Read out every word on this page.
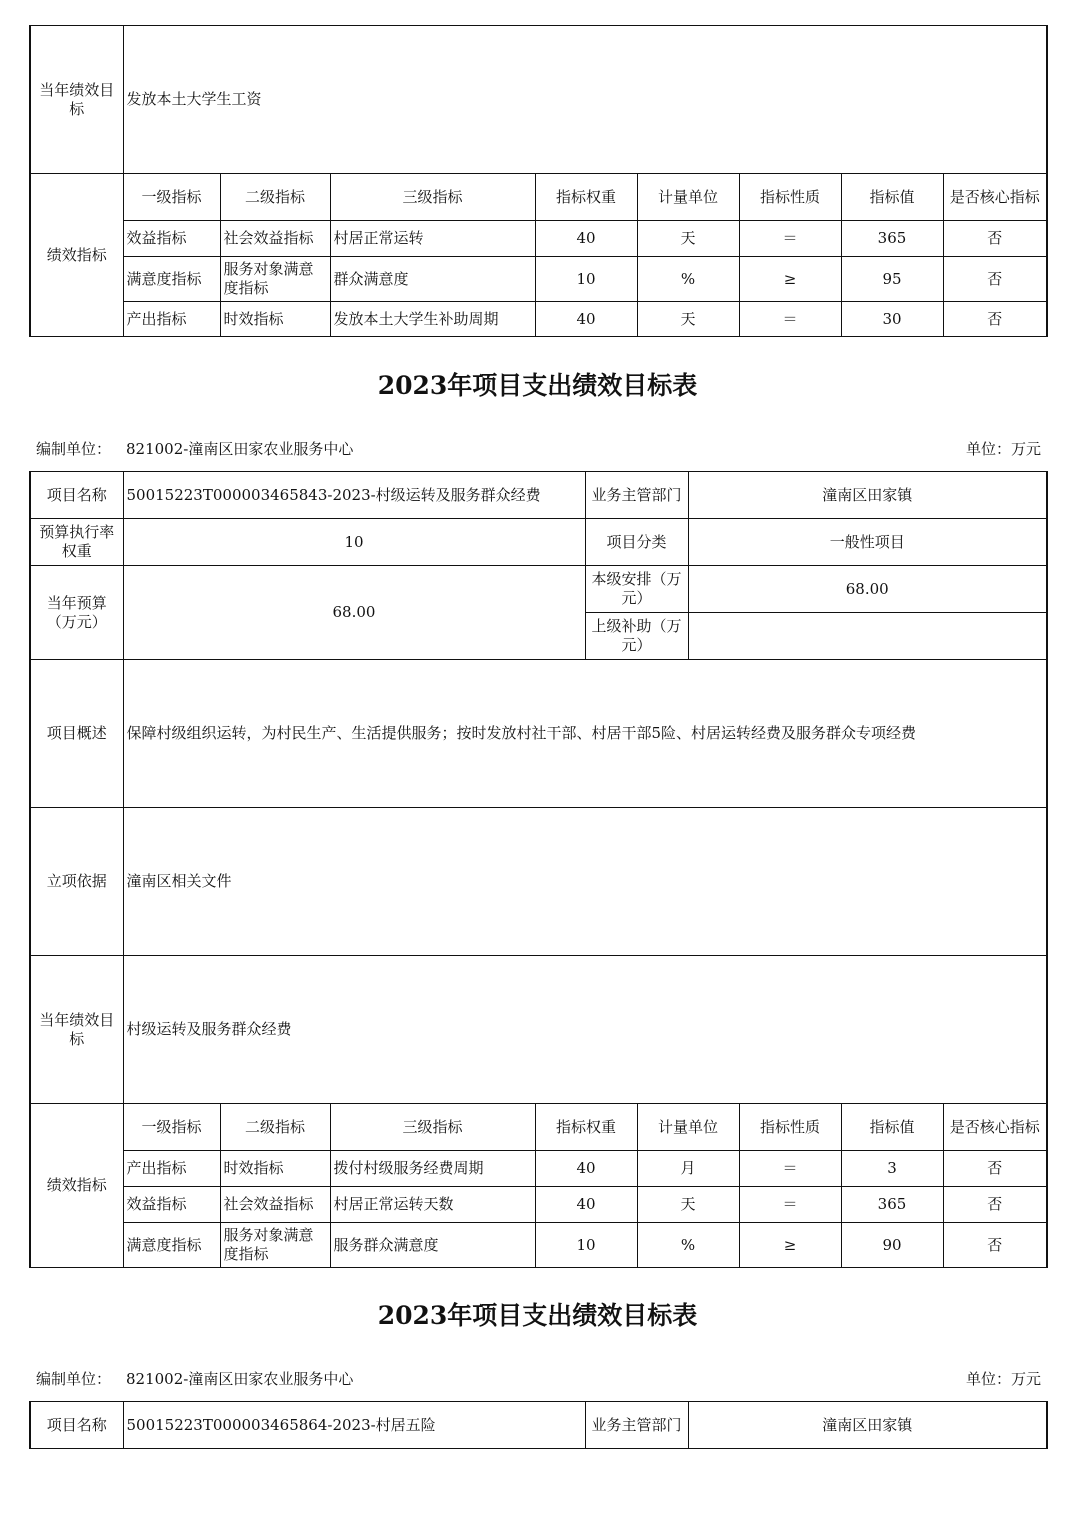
当年绩效目标	发放本土大学生工资							
绩效指标	一级指标	二级指标	三级指标	指标权重	计量单位	指标性质	指标值	是否核心指标
	效益指标	社会效益指标	村居正常运转	40	天	＝	365	否
	满意度指标	服务对象满意度指标	群众满意度	10	%	≥	95	否
	产出指标	时效指标	发放本土大学生补助周期	40	天	＝	30	否
2023年项目支出绩效目标表
编制单位： 821002-潼南区田家农业服务中心	单位：万元
项目名称	50015223T000003465843-2023-村级运转及服务群众经费	业务主管部门	潼南区田家镇
预算执行率权重	10	项目分类	一般性项目
当年预算（万元）	68.00	本级安排（万元）	68.00
		上级补助（万元）	
项目概述	保障村级组织运转，为村民生产、生活提供服务；按时发放村社干部、村居干部5险、村居运转经费及服务群众专项经费		
立项依据	潼南区相关文件		
当年绩效目标	村级运转及服务群众经费		
绩效指标	一级指标	二级指标	三级指标	指标权重	计量单位	指标性质	指标值	是否核心指标
	产出指标	时效指标	拨付村级服务经费周期	40	月	＝	3	否
	效益指标	社会效益指标	村居正常运转天数	40	天	＝	365	否
	满意度指标	服务对象满意度指标	服务群众满意度	10	%	≥	90	否
2023年项目支出绩效目标表
编制单位： 821002-潼南区田家农业服务中心	单位：万元
项目名称	50015223T000003465864-2023-村居五险	业务主管部门	潼南区田家镇
